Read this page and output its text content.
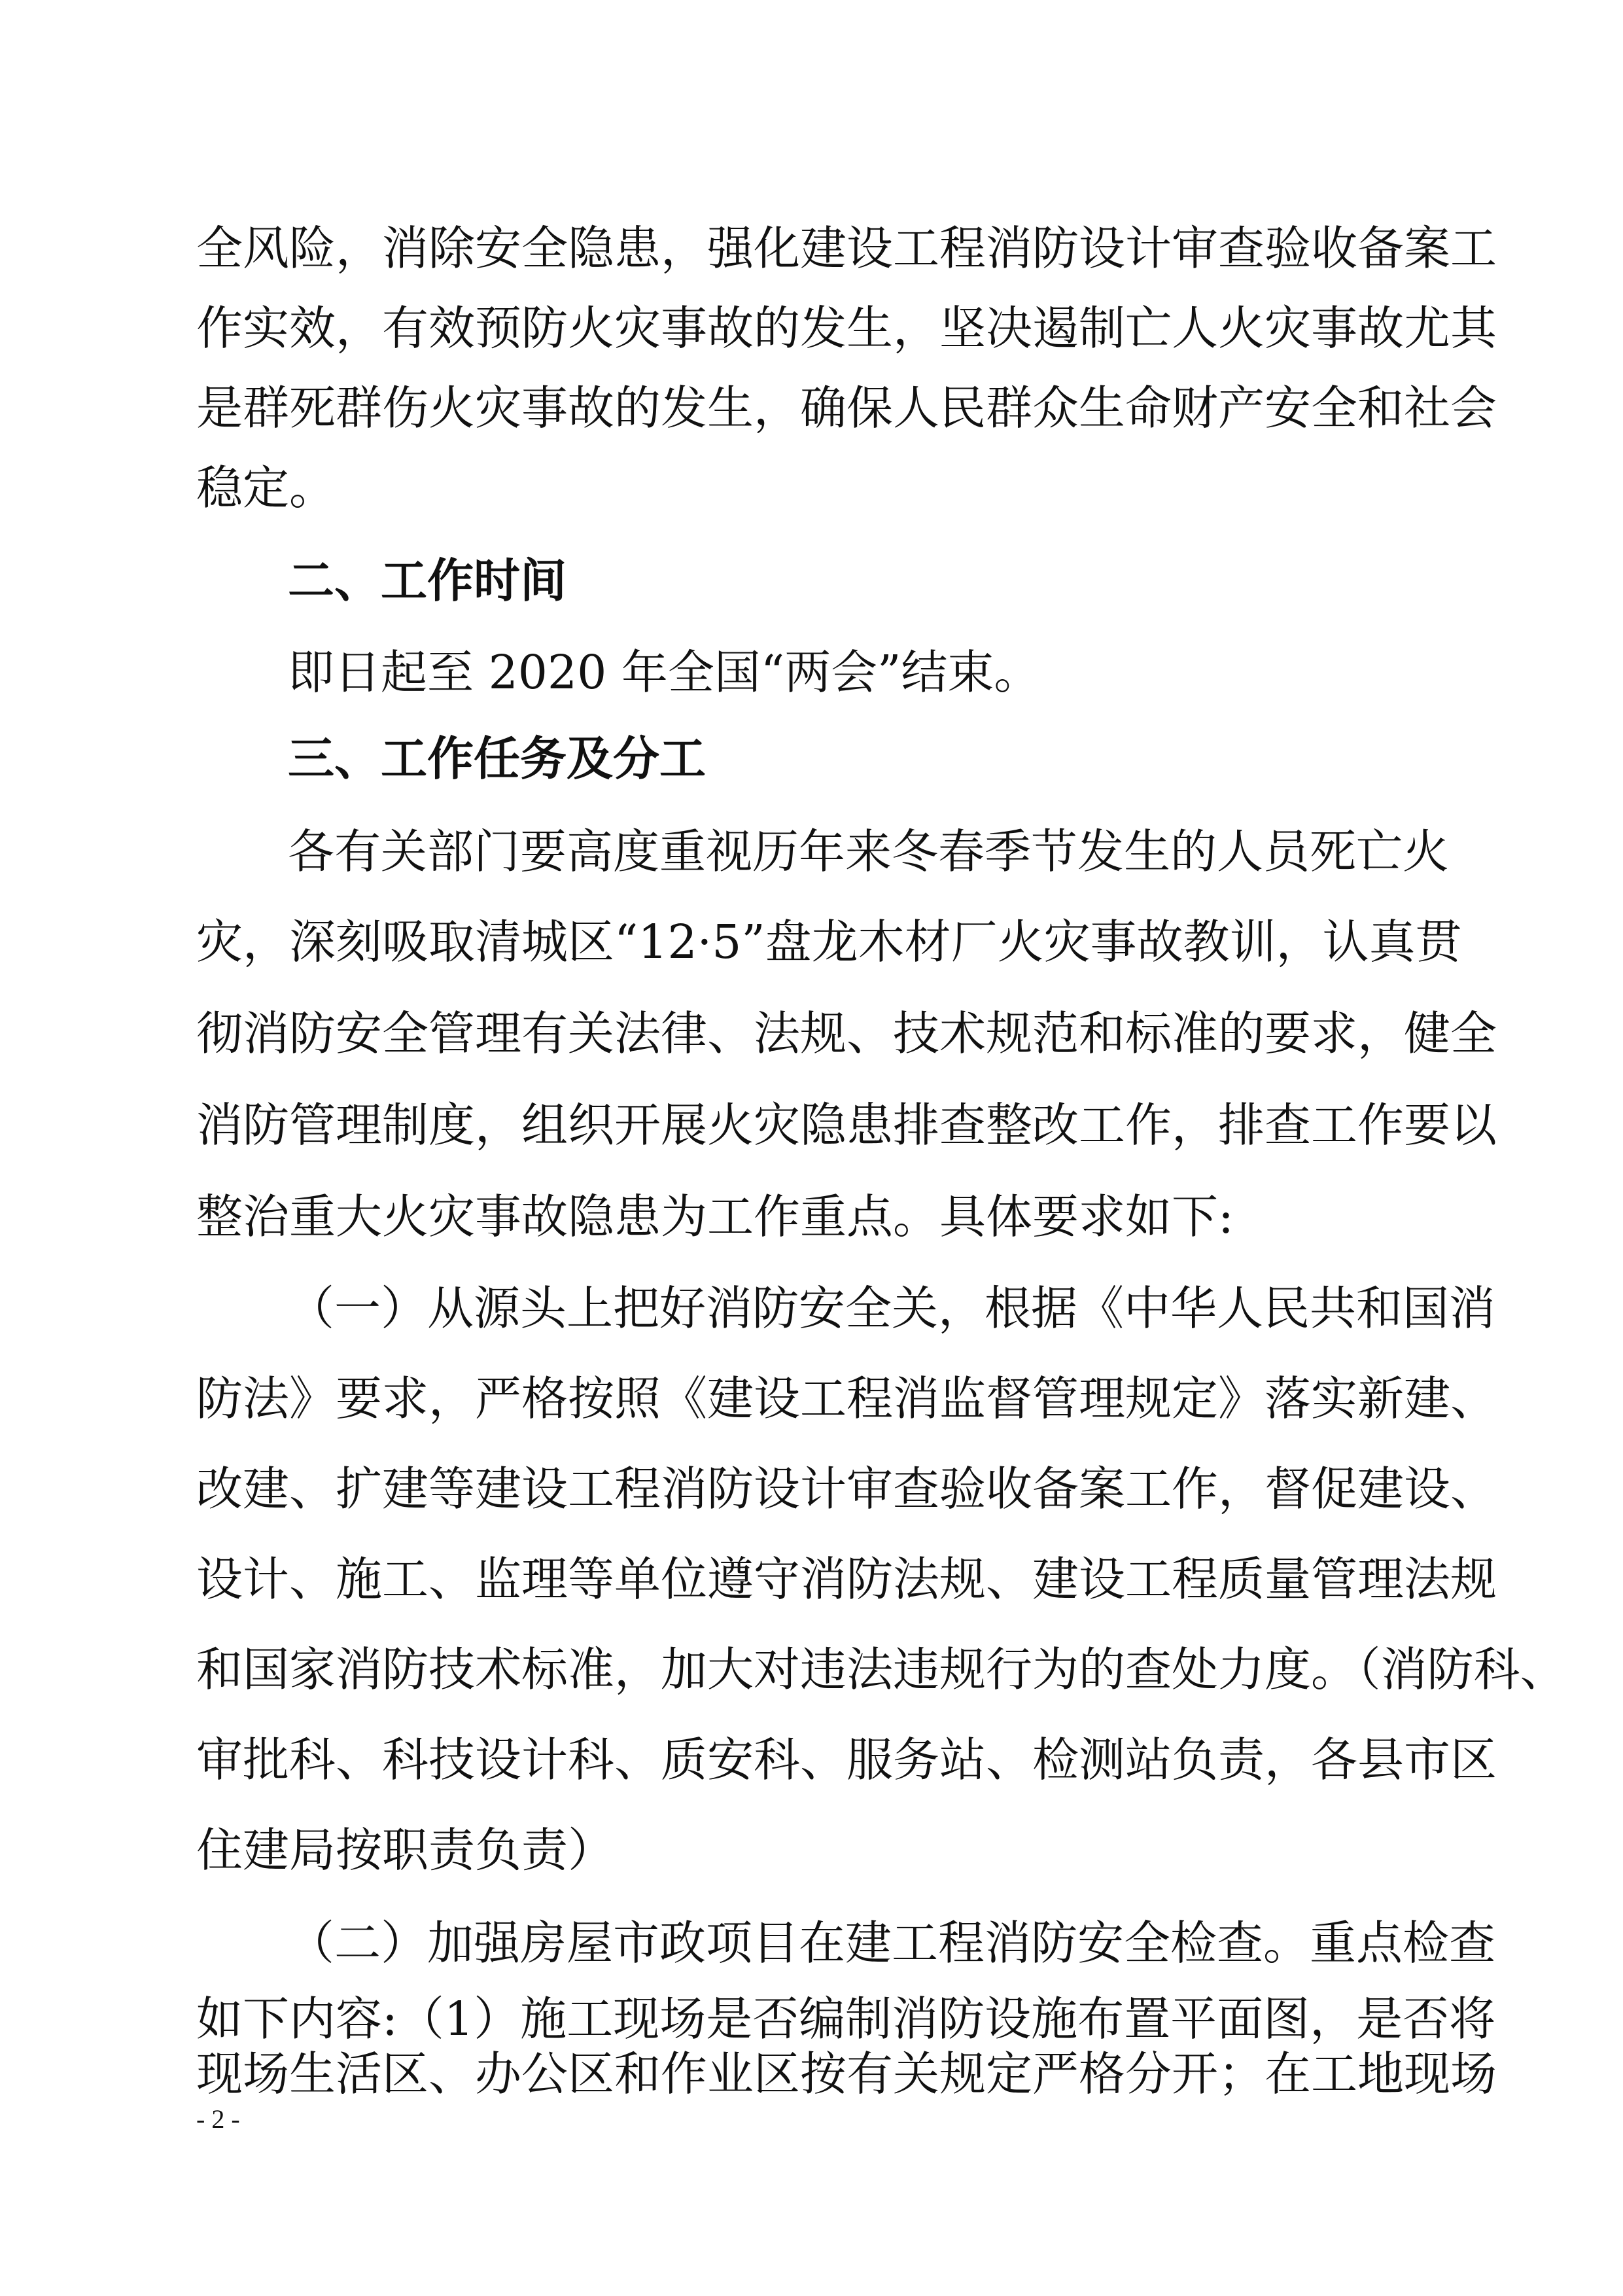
全风险，消除安全隐患，强化建设工程消防设计审查验收备案工
作实效，有效预防火灾事故的发生，坚决遏制亡人火灾事故尤其
是群死群伤火灾事故的发生，确保人民群众生命财产安全和社会
稳定。
二、工作时间
即日起至 2020 年全国“两会”结束。
三、工作任务及分工
各有关部门要高度重视历年来冬春季节发生的人员死亡火
灾，深刻吸取清城区“12·5”盘龙木材厂火灾事故教训，认真贯
彻消防安全管理有关法律、法规、技术规范和标准的要求，健全
消防管理制度，组织开展火灾隐患排查整改工作，排查工作要以
整治重大火灾事故隐患为工作重点。具体要求如下:
（一）从源头上把好消防安全关，根据《中华人民共和国消
防法》要求，严格按照《建设工程消监督管理规定》落实新建、
改建、扩建等建设工程消防设计审查验收备案工作，督促建设、
设计、施工、监理等单位遵守消防法规、建设工程质量管理法规
和国家消防技术标准，加大对违法违规行为的查处力度。（消防科、
审批科、科技设计科、质安科、服务站、检测站负责，各县市区
住建局按职责负责）
（二）加强房屋市政项目在建工程消防安全检查。重点检查
如下内容:（1）施工现场是否编制消防设施布置平面图，是否将
现场生活区、办公区和作业区按有关规定严格分开；在工地现场
- 2 -
